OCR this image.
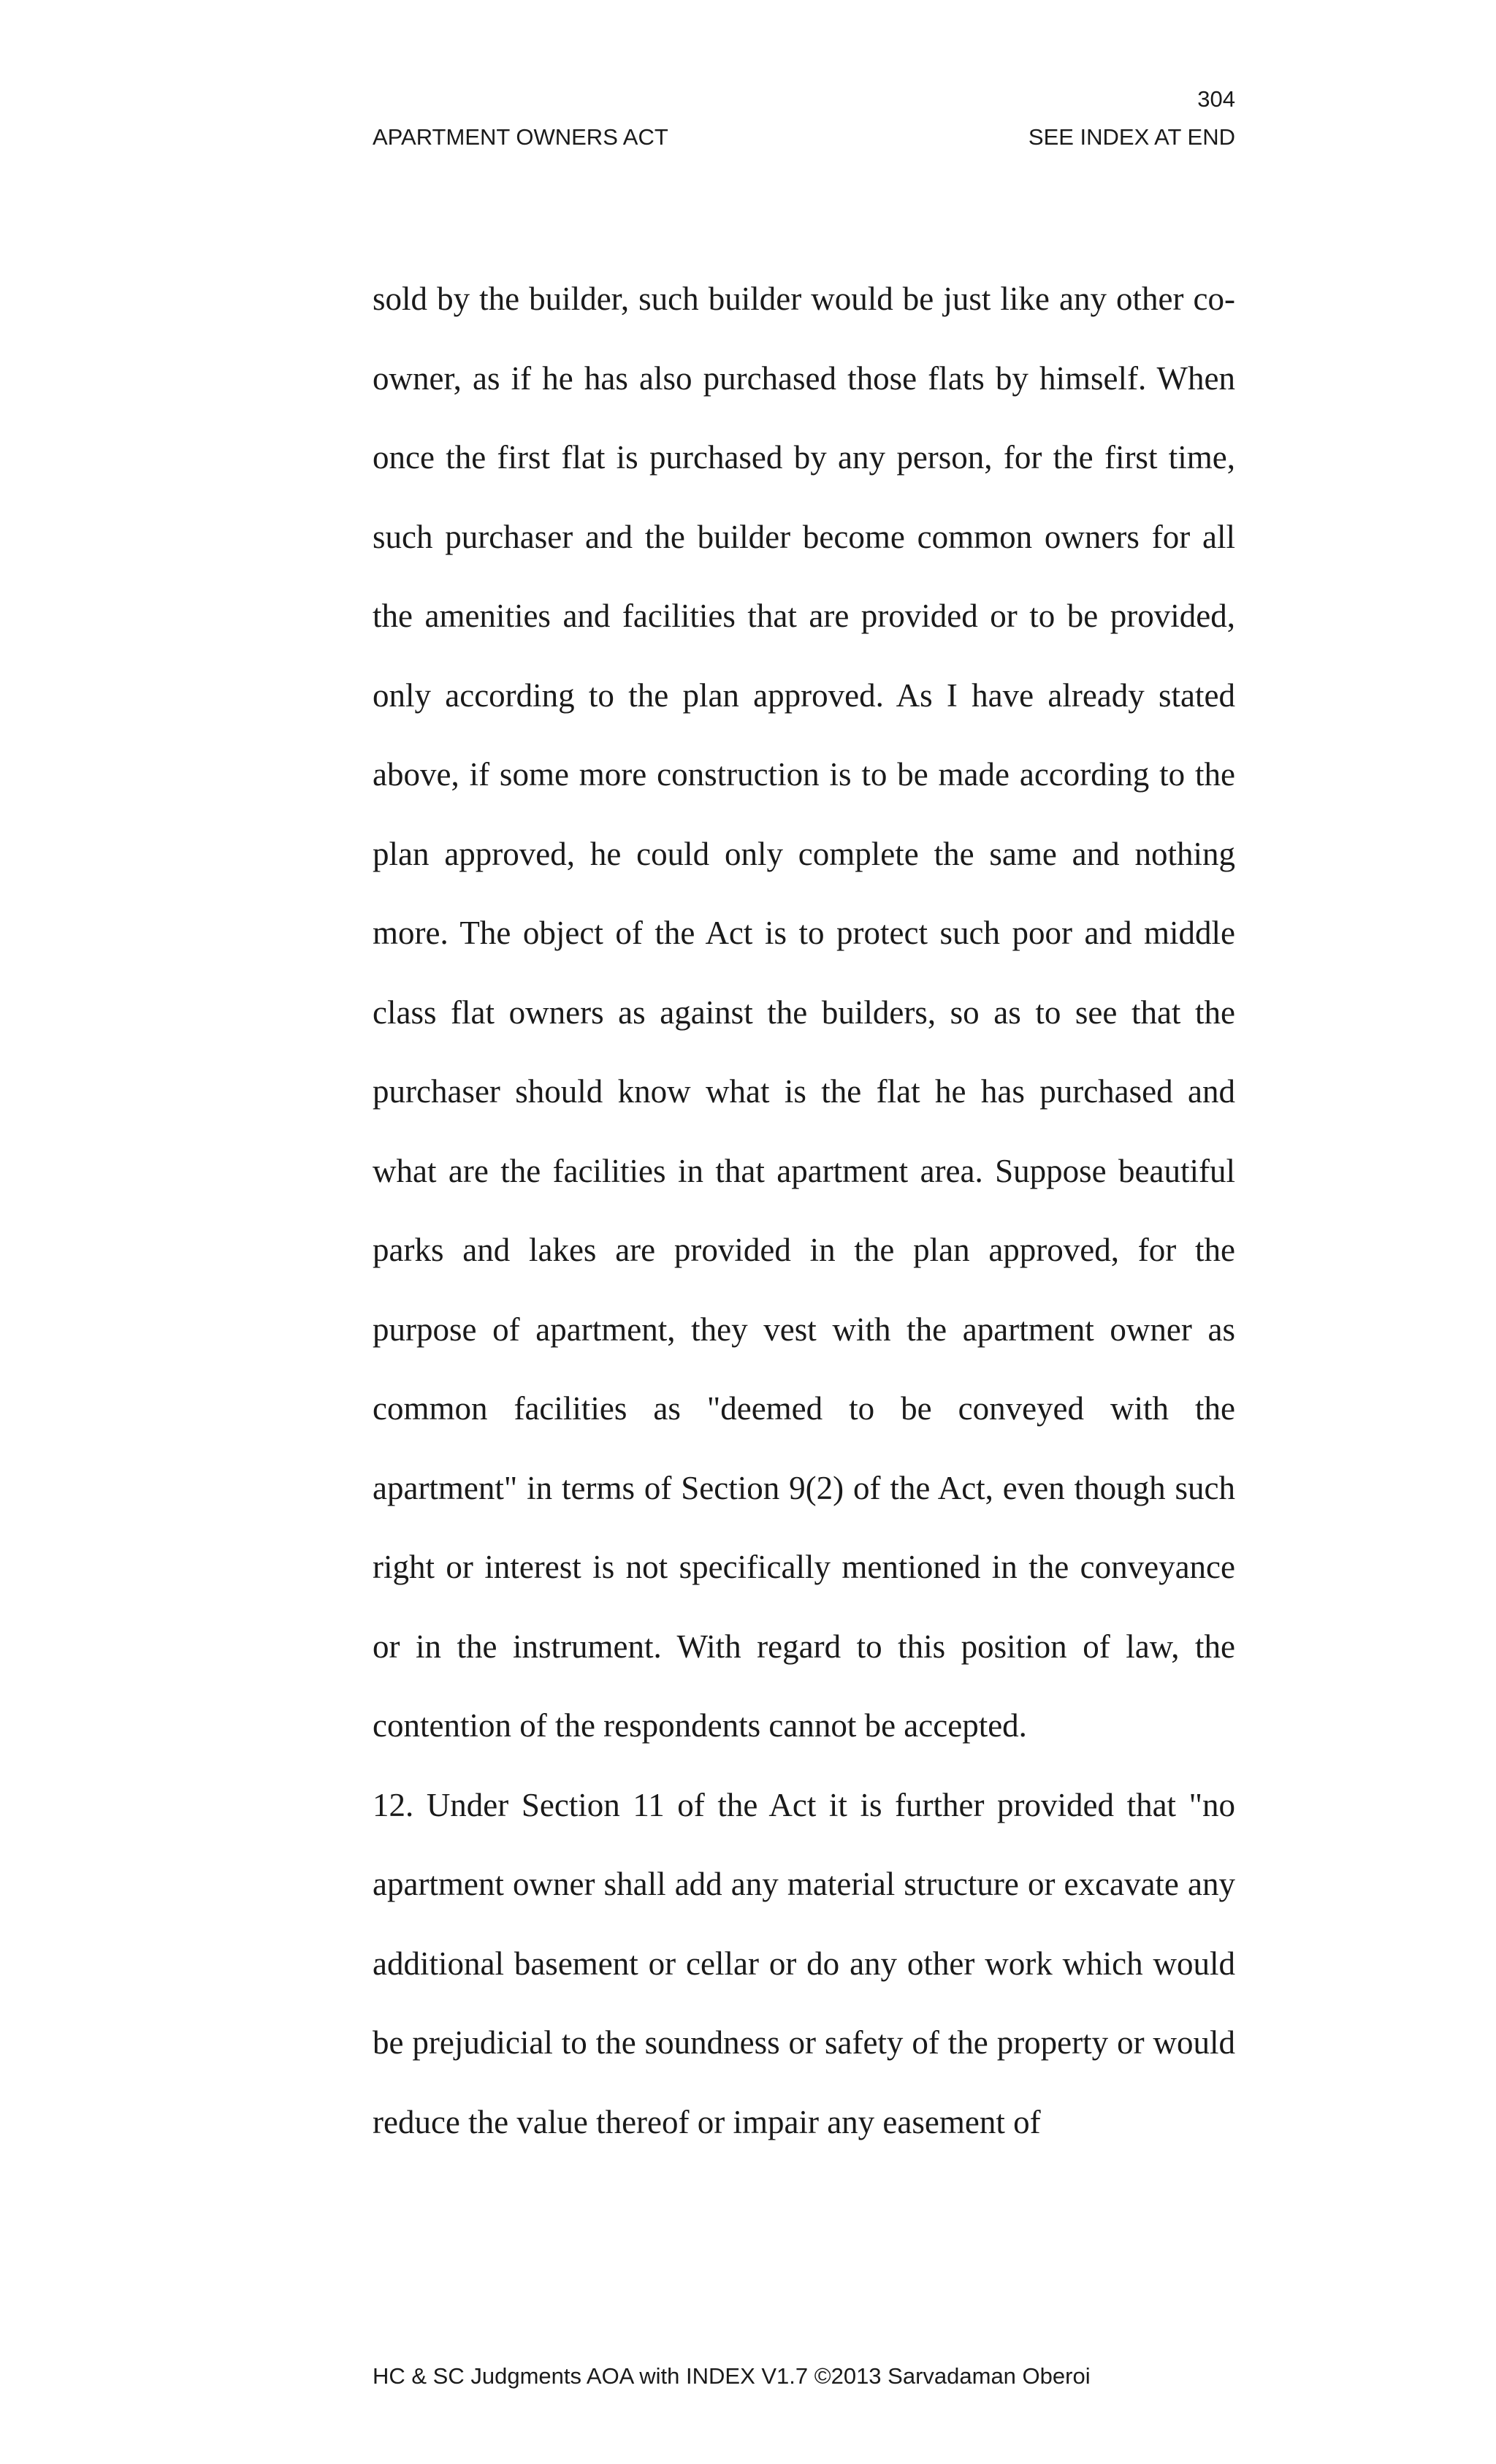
304
APARTMENT OWNERS ACT	SEE INDEX AT END

sold by the builder, such builder would be just like any other co-owner, as if he has also purchased those flats by himself. When once the first flat is purchased by any person, for the first time, such purchaser and the builder become common owners for all the amenities and facilities that are provided or to be provided, only according to the plan approved. As I have already stated above, if some more construction is to be made according to the plan approved, he could only complete the same and nothing more. The object of the Act is to protect such poor and middle class flat owners as against the builders, so as to see that the purchaser should know what is the flat he has purchased and what are the facilities in that apartment area. Suppose beautiful parks and lakes are provided in the plan approved, for the purpose of apartment, they vest with the apartment owner as common facilities as "deemed to be conveyed with the apartment" in terms of Section 9(2) of the Act, even though such right or interest is not specifically mentioned in the conveyance or in the instrument. With regard to this position of law, the contention of the respondents cannot be accepted.

12. Under Section 11 of the Act it is further provided that "no apartment owner shall add any material structure or excavate any additional basement or cellar or do any other work which would be prejudicial to the soundness or safety of the property or would reduce the value thereof or impair any easement of

HC & SC Judgments AOA with INDEX V1.7 ©2013 Sarvadaman Oberoi
